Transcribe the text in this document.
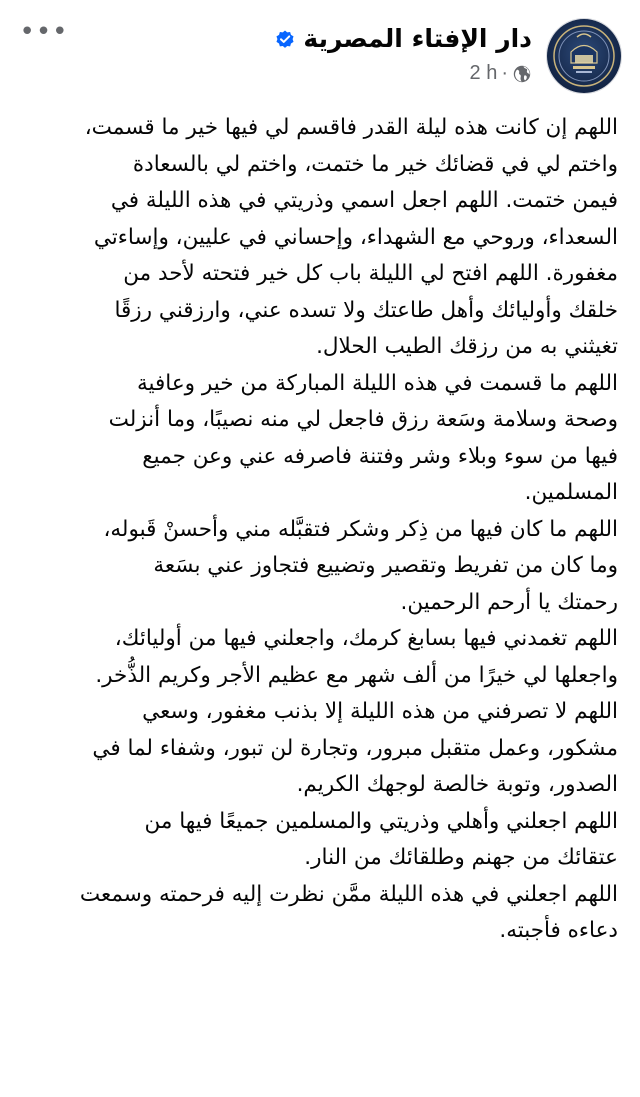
•••	دار الإفتاء المصرية
2 h ·
اللهم إن كانت هذه ليلة القدر فاقسم لي فيها خير ما قسمت،
واختم لي في قضائك خير ما ختمت، واختم لي بالسعادة
فيمن ختمت. اللهم اجعل اسمي وذريتي في هذه الليلة في
السعداء، وروحي مع الشهداء، وإحساني في عليين، وإساءتي
مغفورة. اللهم افتح لي الليلة باب كل خير فتحته لأحد من
خلقك وأوليائك وأهل طاعتك ولا تسده عني، وارزقني رزقًا
تغيثني به من رزقك الطيب الحلال.
اللهم ما قسمت في هذه الليلة المباركة من خير وعافية
وصحة وسلامة وسَعة رزق فاجعل لي منه نصيبًا، وما أنزلت
فيها من سوء وبلاء وشر وفتنة فاصرفه عني وعن جميع
المسلمين.
اللهم ما كان فيها من ذِكر وشكر فتقبَّله مني وأحسنْ قَبوله،
وما كان من تفريط وتقصير وتضييع فتجاوز عني بسَعة
رحمتك يا أرحم الرحمين.
اللهم تغمدني فيها بسابغ كرمك، واجعلني فيها من أوليائك،
واجعلها لي خيرًا من ألف شهر مع عظيم الأجر وكريم الذُّخر.
اللهم لا تصرفني من هذه الليلة إلا بذنب مغفور، وسعي
مشكور، وعمل متقبل مبرور، وتجارة لن تبور، وشفاء لما في
الصدور، وتوبة خالصة لوجهك الكريم.
اللهم اجعلني وأهلي وذريتي والمسلمين جميعًا فيها من
عتقائك من جهنم وطلقائك من النار.
اللهم اجعلني في هذه الليلة ممَّن نظرت إليه فرحمته وسمعت
دعاءه فأجبته.
